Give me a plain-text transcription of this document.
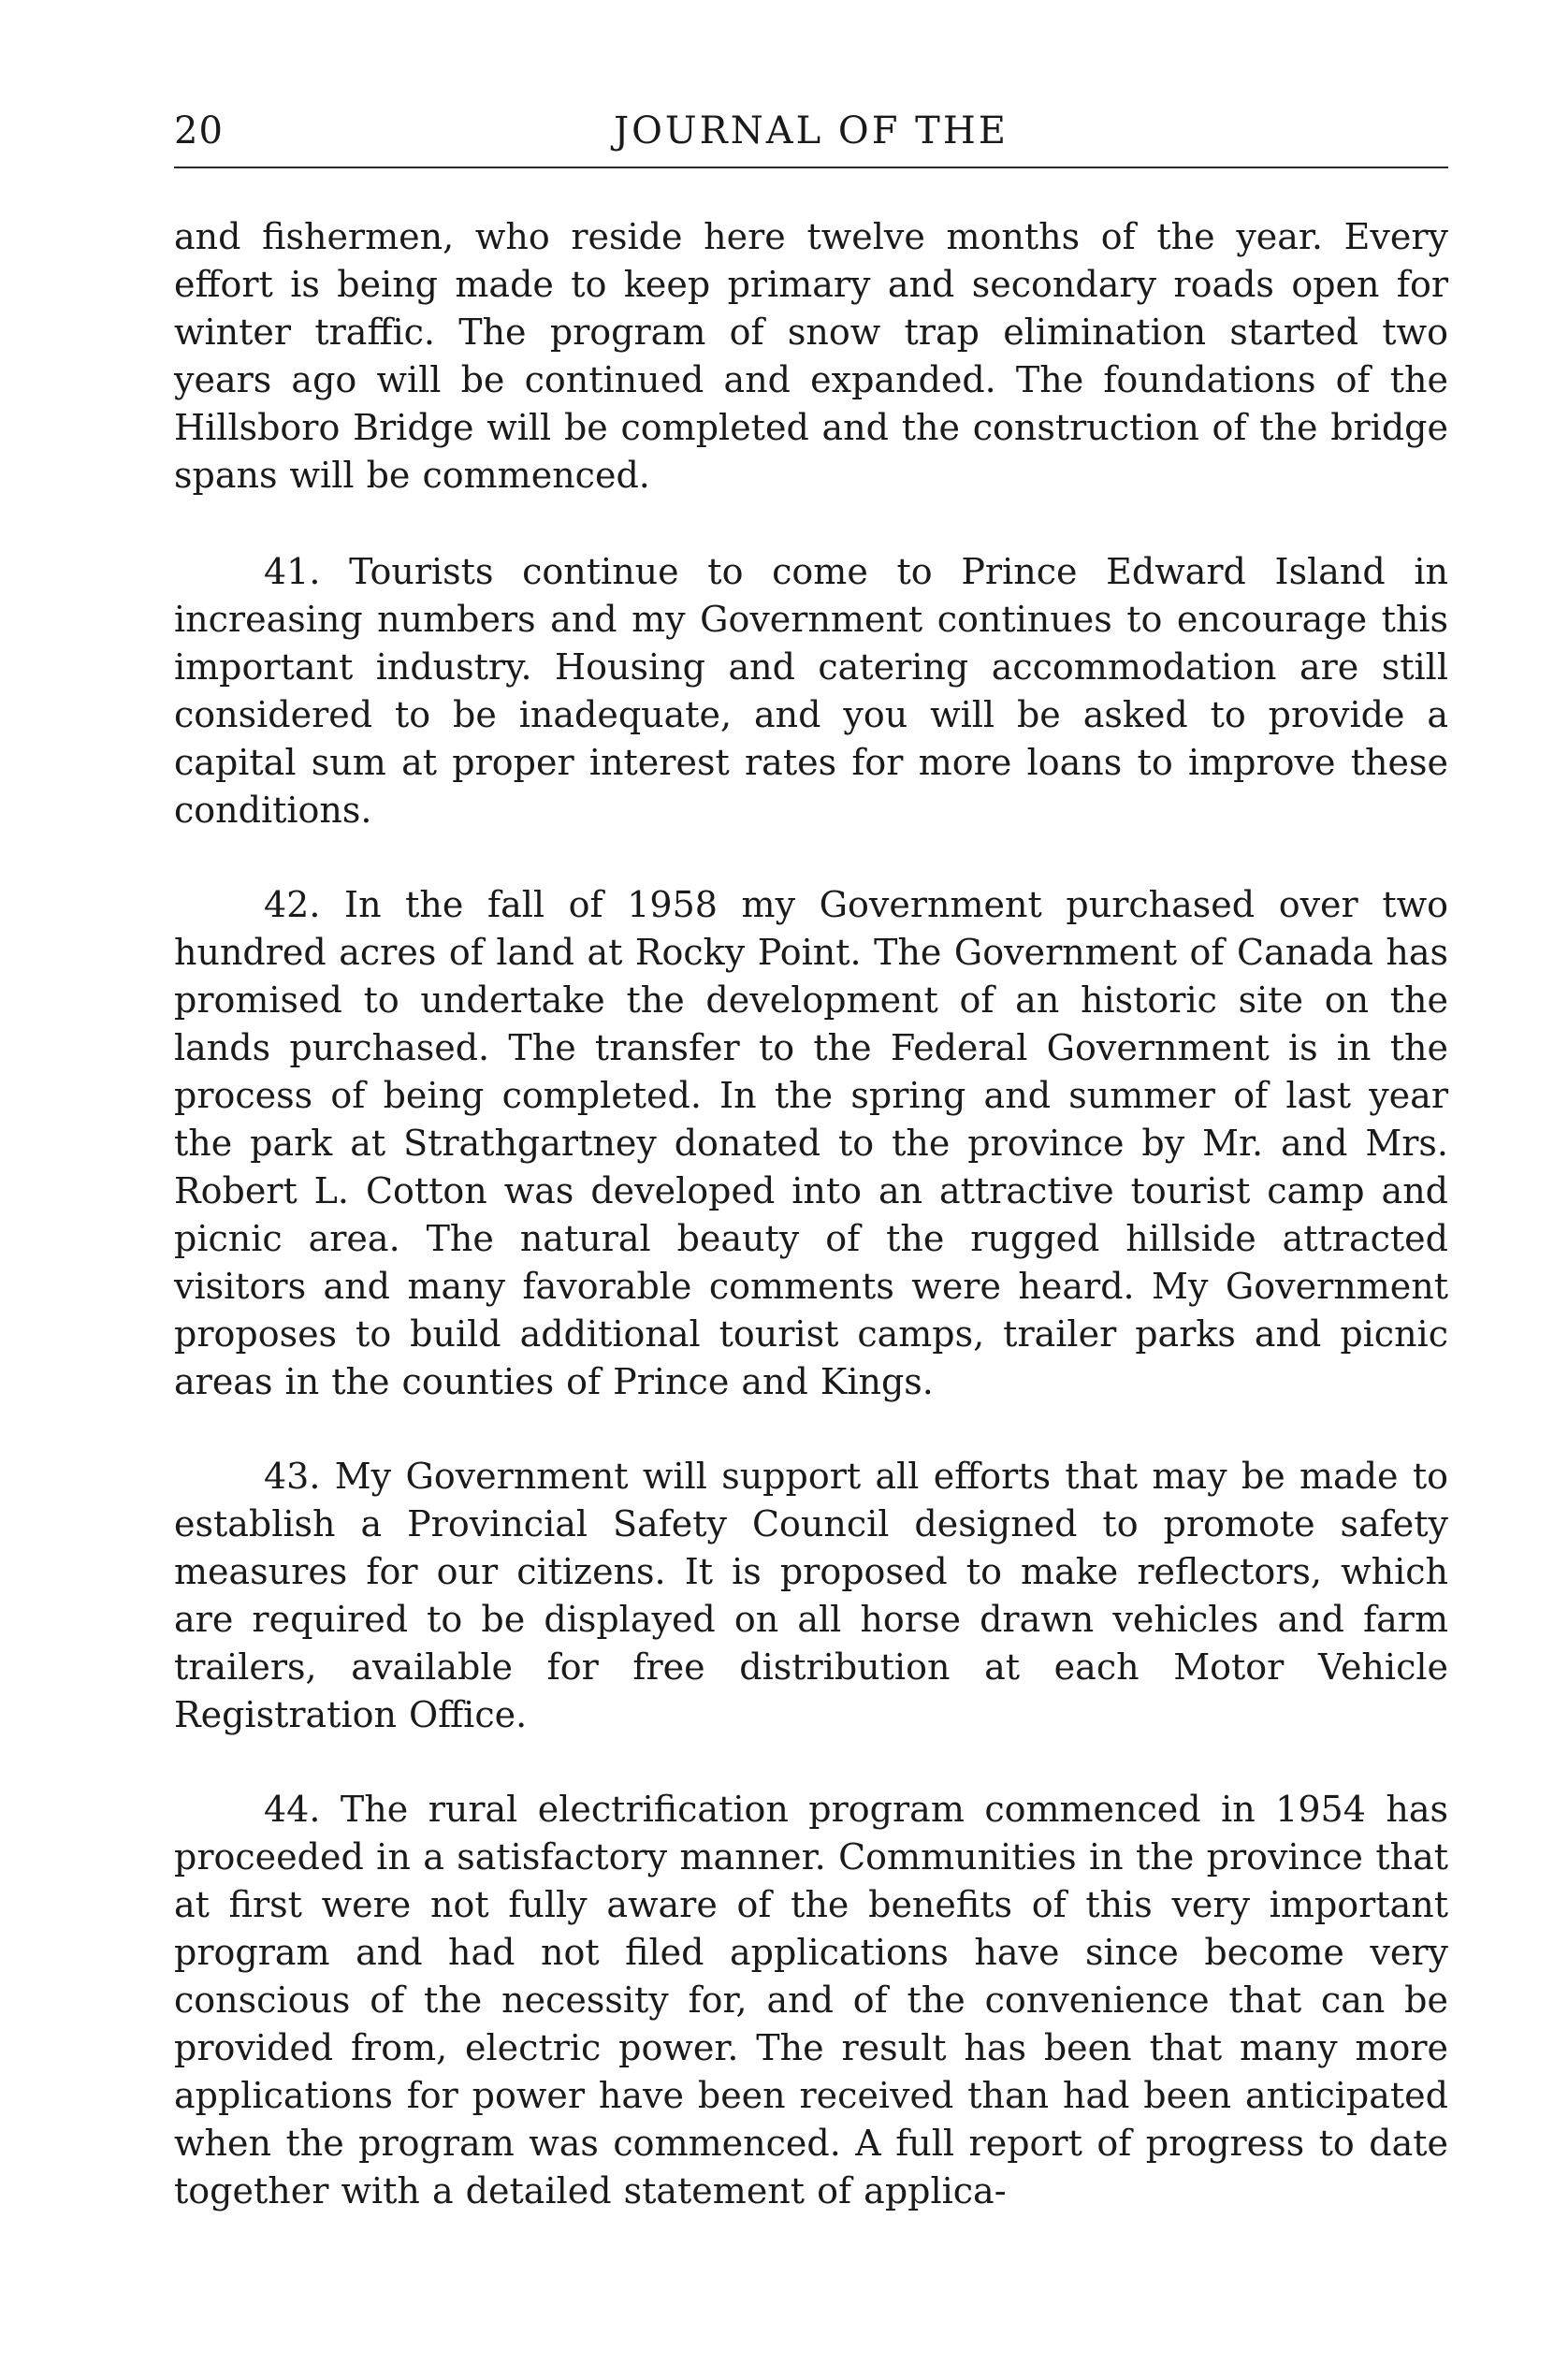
20	JOURNAL OF THE

and fishermen, who reside here twelve months of the year. Every effort is being made to keep primary and secondary roads open for winter traffic. The program of snow trap elimination started two years ago will be continued and expanded. The foundations of the Hillsboro Bridge will be completed and the construction of the bridge spans will be commenced.

41. Tourists continue to come to Prince Edward Island in increasing numbers and my Government continues to encourage this important industry. Housing and catering accommodation are still considered to be inadequate, and you will be asked to provide a capital sum at proper interest rates for more loans to improve these conditions.

42. In the fall of 1958 my Government purchased over two hundred acres of land at Rocky Point. The Government of Canada has promised to undertake the development of an historic site on the lands purchased. The transfer to the Federal Government is in the process of being completed. In the spring and summer of last year the park at Strathgartney donated to the province by Mr. and Mrs. Robert L. Cotton was developed into an attractive tourist camp and picnic area. The natural beauty of the rugged hillside attracted visitors and many favorable comments were heard. My Government proposes to build additional tourist camps, trailer parks and picnic areas in the counties of Prince and Kings.

43. My Government will support all efforts that may be made to establish a Provincial Safety Council designed to promote safety measures for our citizens. It is proposed to make reflectors, which are required to be displayed on all horse drawn vehicles and farm trailers, available for free distribution at each Motor Vehicle Registration Office.

44. The rural electrification program commenced in 1954 has proceeded in a satisfactory manner. Communities in the province that at first were not fully aware of the benefits of this very important program and had not filed applications have since become very conscious of the necessity for, and of the convenience that can be provided from, electric power. The result has been that many more applications for power have been received than had been anticipated when the program was commenced. A full report of progress to date together with a detailed statement of applica-
